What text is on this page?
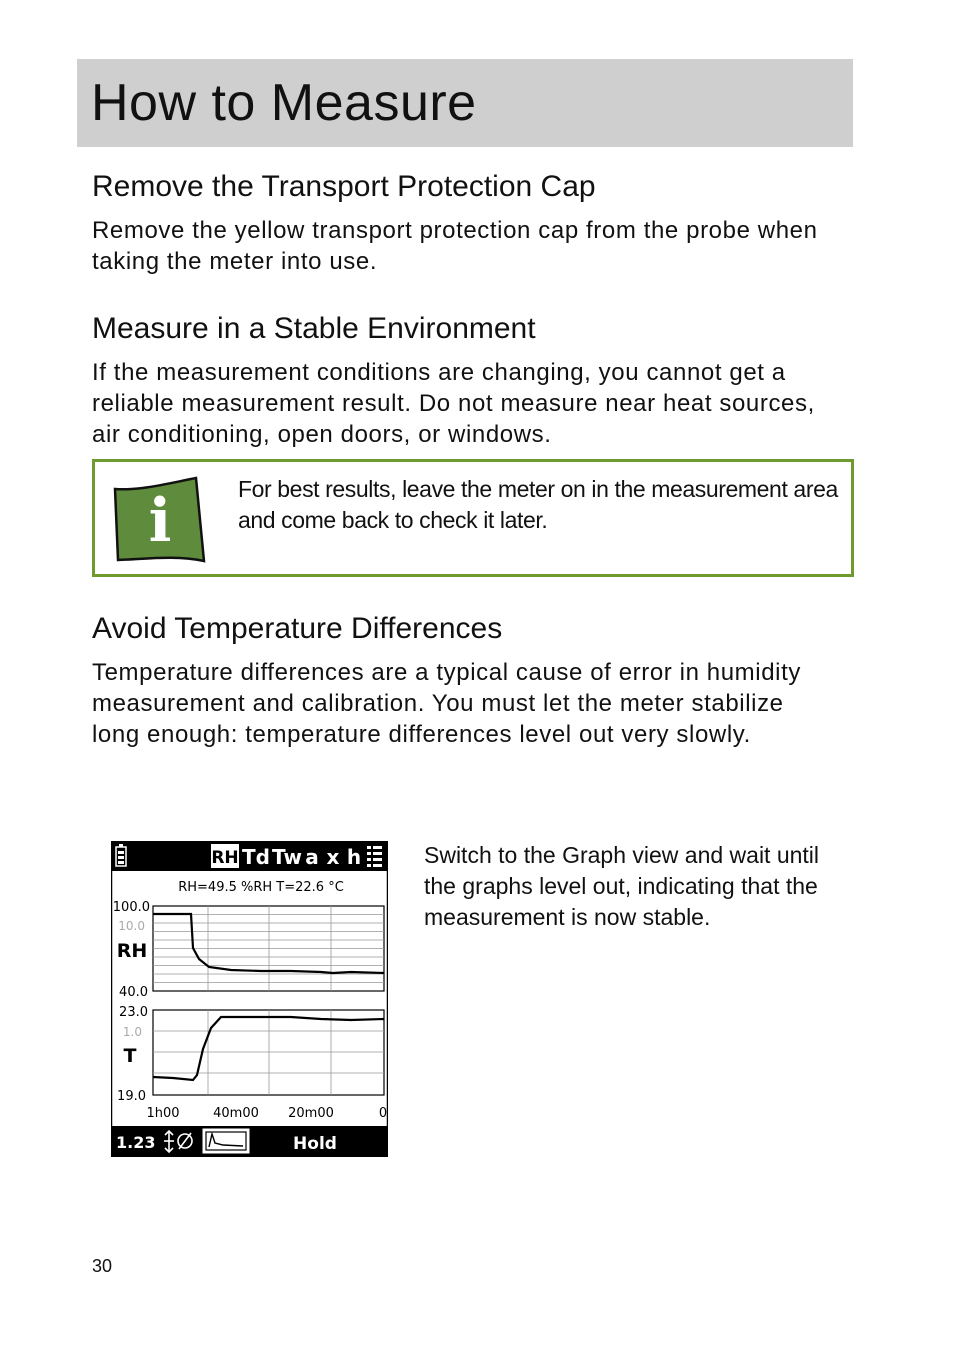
How to Measure
Remove the Transport Protection Cap

Remove the yellow transport protection cap from the probe when taking the meter into use.

Measure in a Stable Environment

If the measurement conditions are changing, you cannot get a reliable measurement result. Do not measure near heat sources, air conditioning, open doors, or windows.

i	For best results, leave the meter on in the measurement area and come back to check it later.

Avoid Temperature Differences

Temperature differences are a typical cause of error in humidity measurement and calibration. You must let the meter stabilize long enough: temperature differences level out very slowly.

RH Td Tw a x h
RH=49.5 %RH T=22.6 °C
100.0
10.0
RH
40.0
23.0
1.0
T
19.0
1h00	40m00 20m00	0
1.23	Hold

Switch to the Graph view and wait until the graphs level out, indicating that the measurement is now stable.

30
